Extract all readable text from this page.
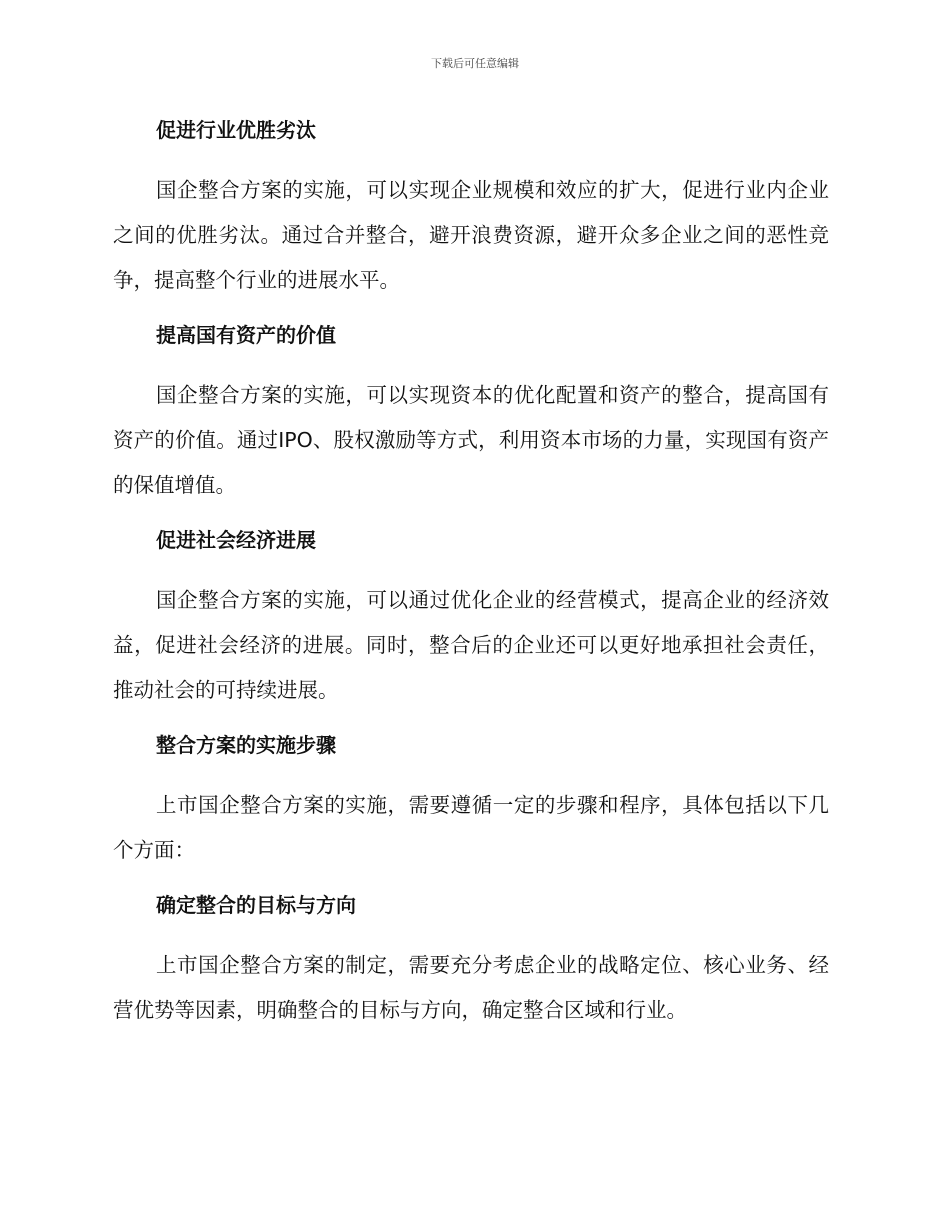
下载后可任意编辑
促进行业优胜劣汰

国企整合方案的实施，可以实现企业规模和效应的扩大，促进行业内企业之间的优胜劣汰。通过合并整合，避开浪费资源，避开众多企业之间的恶性竞争，提高整个行业的进展水平。

提高国有资产的价值

国企整合方案的实施，可以实现资本的优化配置和资产的整合，提高国有资产的价值。通过IPO、股权激励等方式，利用资本市场的力量，实现国有资产的保值增值。

促进社会经济进展

国企整合方案的实施，可以通过优化企业的经营模式，提高企业的经济效益，促进社会经济的进展。同时，整合后的企业还可以更好地承担社会责任，推动社会的可持续进展。

整合方案的实施步骤

上市国企整合方案的实施，需要遵循一定的步骤和程序，具体包括以下几个方面：

确定整合的目标与方向

上市国企整合方案的制定，需要充分考虑企业的战略定位、核心业务、经营优势等因素，明确整合的目标与方向，确定整合区域和行业。
